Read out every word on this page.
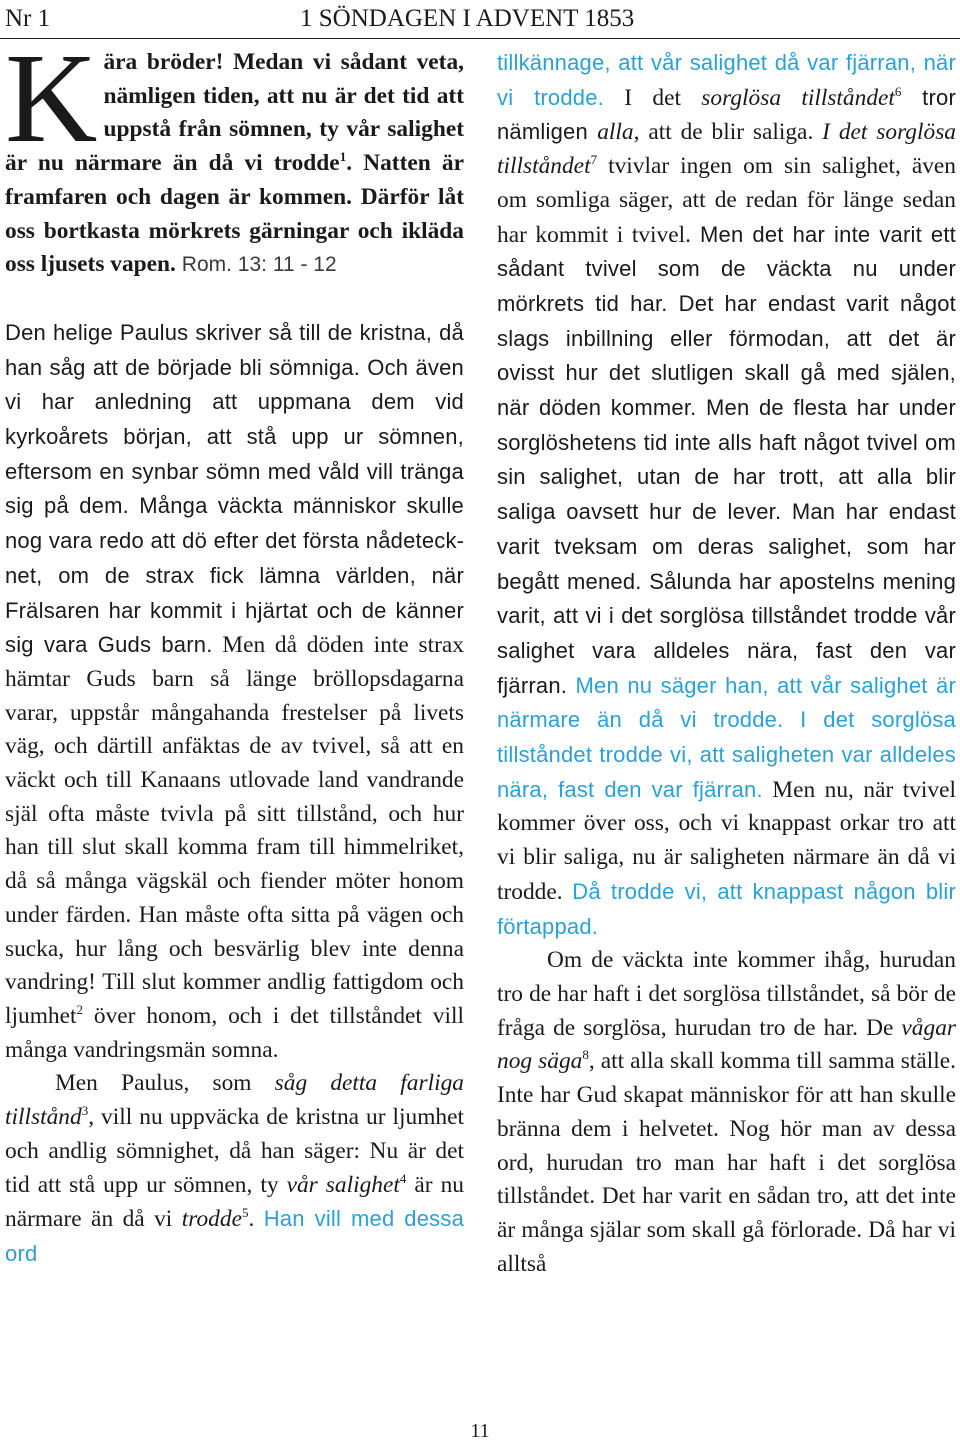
Nr 1	1 SÖNDAGEN I ADVENT 1853

Kära bröder! Medan vi sådant veta, nämligen tiden, att nu är det tid att uppstå från sömnen, ty vår salighet är nu närmare än då vi trodde$^1$. Natten är framfaren och dagen är kommen. Därför låt oss bortkasta mörkrets gärningar och ikläda oss ljusets vapen. Rom. 13: 11 - 12

Den helige Paulus skriver så till de kristna, då han såg att de började bli sömniga. Och även vi har anledning att uppmana dem vid kyrkoårets början, att stå upp ur sömnen, eftersom en synbar sömn med våld vill tränga sig på dem. Många väckta människor skulle nog vara redo att dö efter det första nådetecknet, om de strax fick lämna världen, när Frälsaren har kommit i hjärtat och de känner sig vara Guds barn. Men då döden inte strax hämtar Guds barn så länge bröllopsdagarna varar, uppstår mångahanda frestelser på livets väg, och därtill anfäktas de av tvivel, så att en väckt och till Kanaans utlovade land vandrande själ ofta måste tvivla på sitt tillstånd, och hur han till slut skall komma fram till himmelriket, då så många vägskäl och fiender möter honom under färden. Han måste ofta sitta på vägen och sucka, hur lång och besvärlig blev inte denna vandring! Till slut kommer andlig fattigdom och ljumhet$^2$ över honom, och i det tillståndet vill många vandringsmän somna.

Men Paulus, som såg detta farliga tillstånd$^3$, vill nu uppväcka de kristna ur ljumhet och andlig sömnighet, då han säger: Nu är det tid att stå upp ur sömnen, ty vår salighet$^4$ är nu närmare än då vi trodde$^5$. Han vill med dessa ord

tillkännage, att vår salighet då var fjärran, när vi trodde. I det sorglösa tillståndet$^6$ tror nämligen alla, att de blir saliga. I det sorglösa tillståndet$^7$ tvivlar ingen om sin salighet, även om somliga säger, att de redan för länge sedan har kommit i tvivel. Men det har inte varit ett sådant tvivel som de väckta nu under mörkrets tid har. Det har endast varit något slags inbillning eller förmodan, att det är ovisst hur det slutligen skall gå med själen, när döden kommer. Men de flesta har under sorglöshetens tid inte alls haft något tvivel om sin salighet, utan de har trott, att alla blir saliga oavsett hur de lever. Man har endast varit tveksam om deras salighet, som har begått mened. Sålunda har apostelns mening varit, att vi i det sorglösa tillståndet trodde vår salighet vara alldeles nära, fast den var fjärran. Men nu säger han, att vår salighet är närmare än då vi trodde. I det sorglösa tillståndet trodde vi, att saligheten var alldeles nära, fast den var fjärran. Men nu, när tvivel kommer över oss, och vi knappast orkar tro att vi blir saliga, nu är saligheten närmare än då vi trodde. Då trodde vi, att knappast någon blir förtappad.

Om de väckta inte kommer ihåg, hurudan tro de har haft i det sorglösa tillståndet, så bör de fråga de sorglösa, hurudan tro de har. De vågar nog säga$^8$, att alla skall komma till samma ställe. Inte har Gud skapat människor för att han skulle bränna dem i helvetet. Nog hör man av dessa ord, hurudan tro man har haft i det sorglösa tillståndet. Det har varit en sådan tro, att det inte är många själar som skall gå förlorade. Då har vi alltså

11
